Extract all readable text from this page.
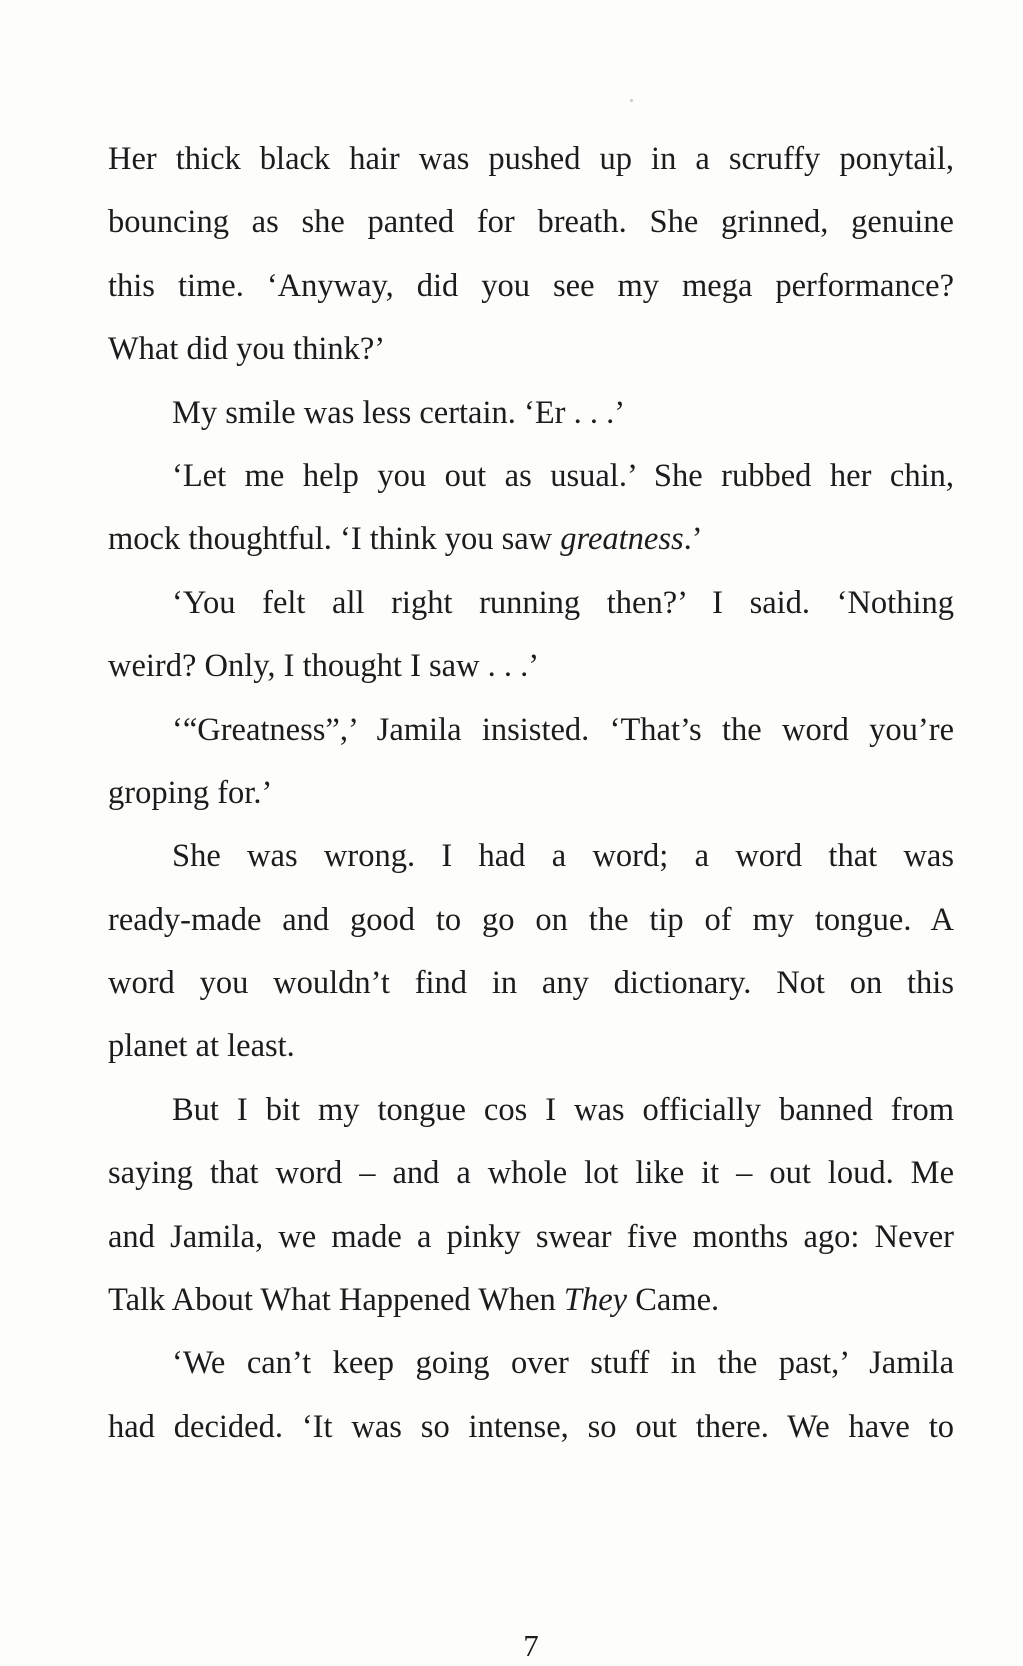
Her thick black hair was pushed up in a scruffy ponytail,
bouncing as she panted for breath. She grinned, genuine
this time. ‘Anyway, did you see my mega performance?
What did you think?’
My smile was less certain. ‘Er . . .’
‘Let me help you out as usual.’ She rubbed her chin,
mock thoughtful. ‘I think you saw greatness.’
‘You felt all right running then?’ I said. ‘Nothing
weird? Only, I thought I saw . . .’
‘“Greatness”,’ Jamila insisted. ‘That’s the word you’re
groping for.’
She was wrong. I had a word; a word that was
ready-made and good to go on the tip of my tongue. A
word you wouldn’t find in any dictionary. Not on this
planet at least.
But I bit my tongue cos I was officially banned from
saying that word – and a whole lot like it – out loud. Me
and Jamila, we made a pinky swear five months ago: Never
Talk About What Happened When They Came.
‘We can’t keep going over stuff in the past,’ Jamila
had decided. ‘It was so intense, so out there. We have to
7
